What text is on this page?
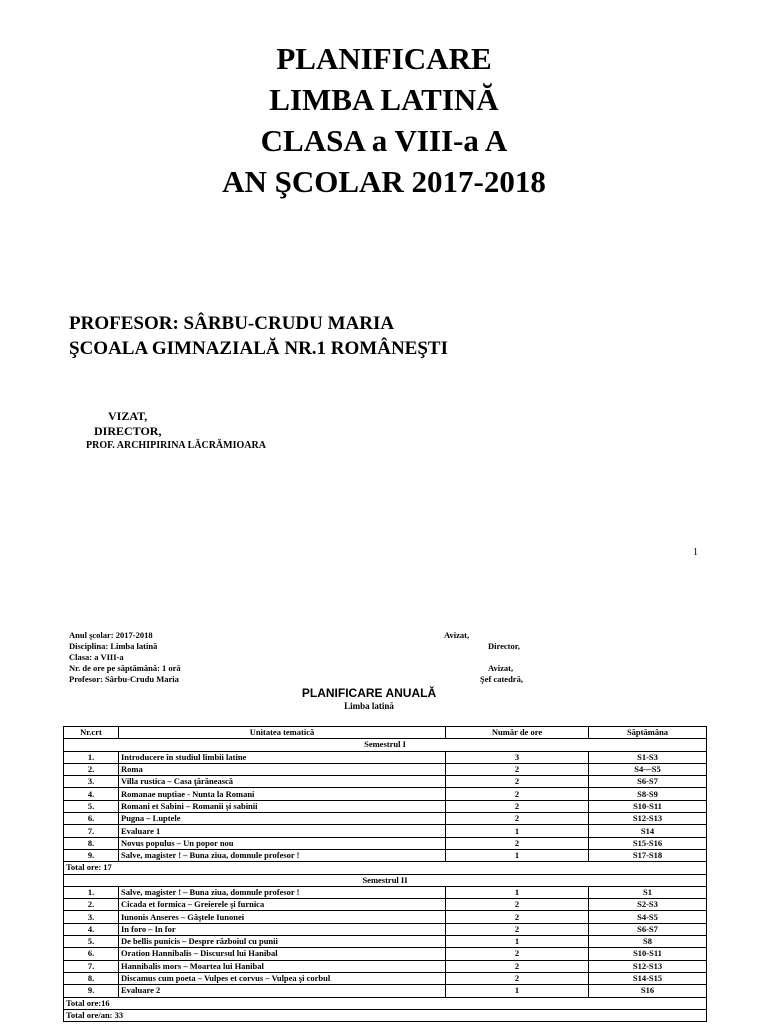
PLANIFICARE
LIMBA LATINĂ
CLASA a VIII-a A
AN ŞCOLAR 2017-2018
PROFESOR: SÂRBU-CRUDU MARIA
ŞCOALA GIMNAZIALĂ NR.1 ROMÂNEŞTI
VIZAT,
DIRECTOR,
PROF. ARCHIPIRINA LĂCRĂMIOARA
1
Anul şcolar: 2017-2018
Disciplina: Limba latină
Clasa: a VIII-a
Nr. de ore pe săptămână: 1 oră
Profesor: Sârbu-Crudu Maria
Avizat,
Director,
Avizat,
Şef catedră,
PLANIFICARE ANUALĂ
Limba latină
Nr.crt	Unitatea tematică	Număr de ore	Săptămâna
Semestrul I			
1.	Introducere în studiul limbii latine	3	S1-S3
2.	Roma	2	S4—S5
3.	Villa rustica – Casa ţărănească	2	S6-S7
4.	Romanae nuptiae - Nunta la Romani	2	S8-S9
5.	Romani et Sabini – Romanii şi sabinii	2	S10-S11
6.	Pugna – Luptele	2	S12-S13
7.	Evaluare 1	1	S14
8.	Novus populus – Un popor nou	2	S15-S16
9.	Salve, magister ! – Buna ziua, domnule profesor !	1	S17-S18
Total ore: 17			
Semestrul II			
1.	Salve, magister ! – Buna ziua, domnule profesor !	1	S1
2.	Cicada et formica – Greierele şi furnica	2	S2-S3
3.	Iunonis Anseres – Gâştele Iunonei	2	S4-S5
4.	In foro – In for	2	S6-S7
5.	De bellis punicis – Despre războiul cu punii	1	S8
6.	Oration Hannibalis – Discursul lui Hanibal	2	S10-S11
7.	Hannibalis mors – Moartea lui Hanibal	2	S12-S13
8.	Discamus cum poeta – Vulpes et corvus – Vulpea şi corbul	2	S14-S15
9.	Evaluare 2	1	S16
Total ore:16			
Total ore/an: 33			
